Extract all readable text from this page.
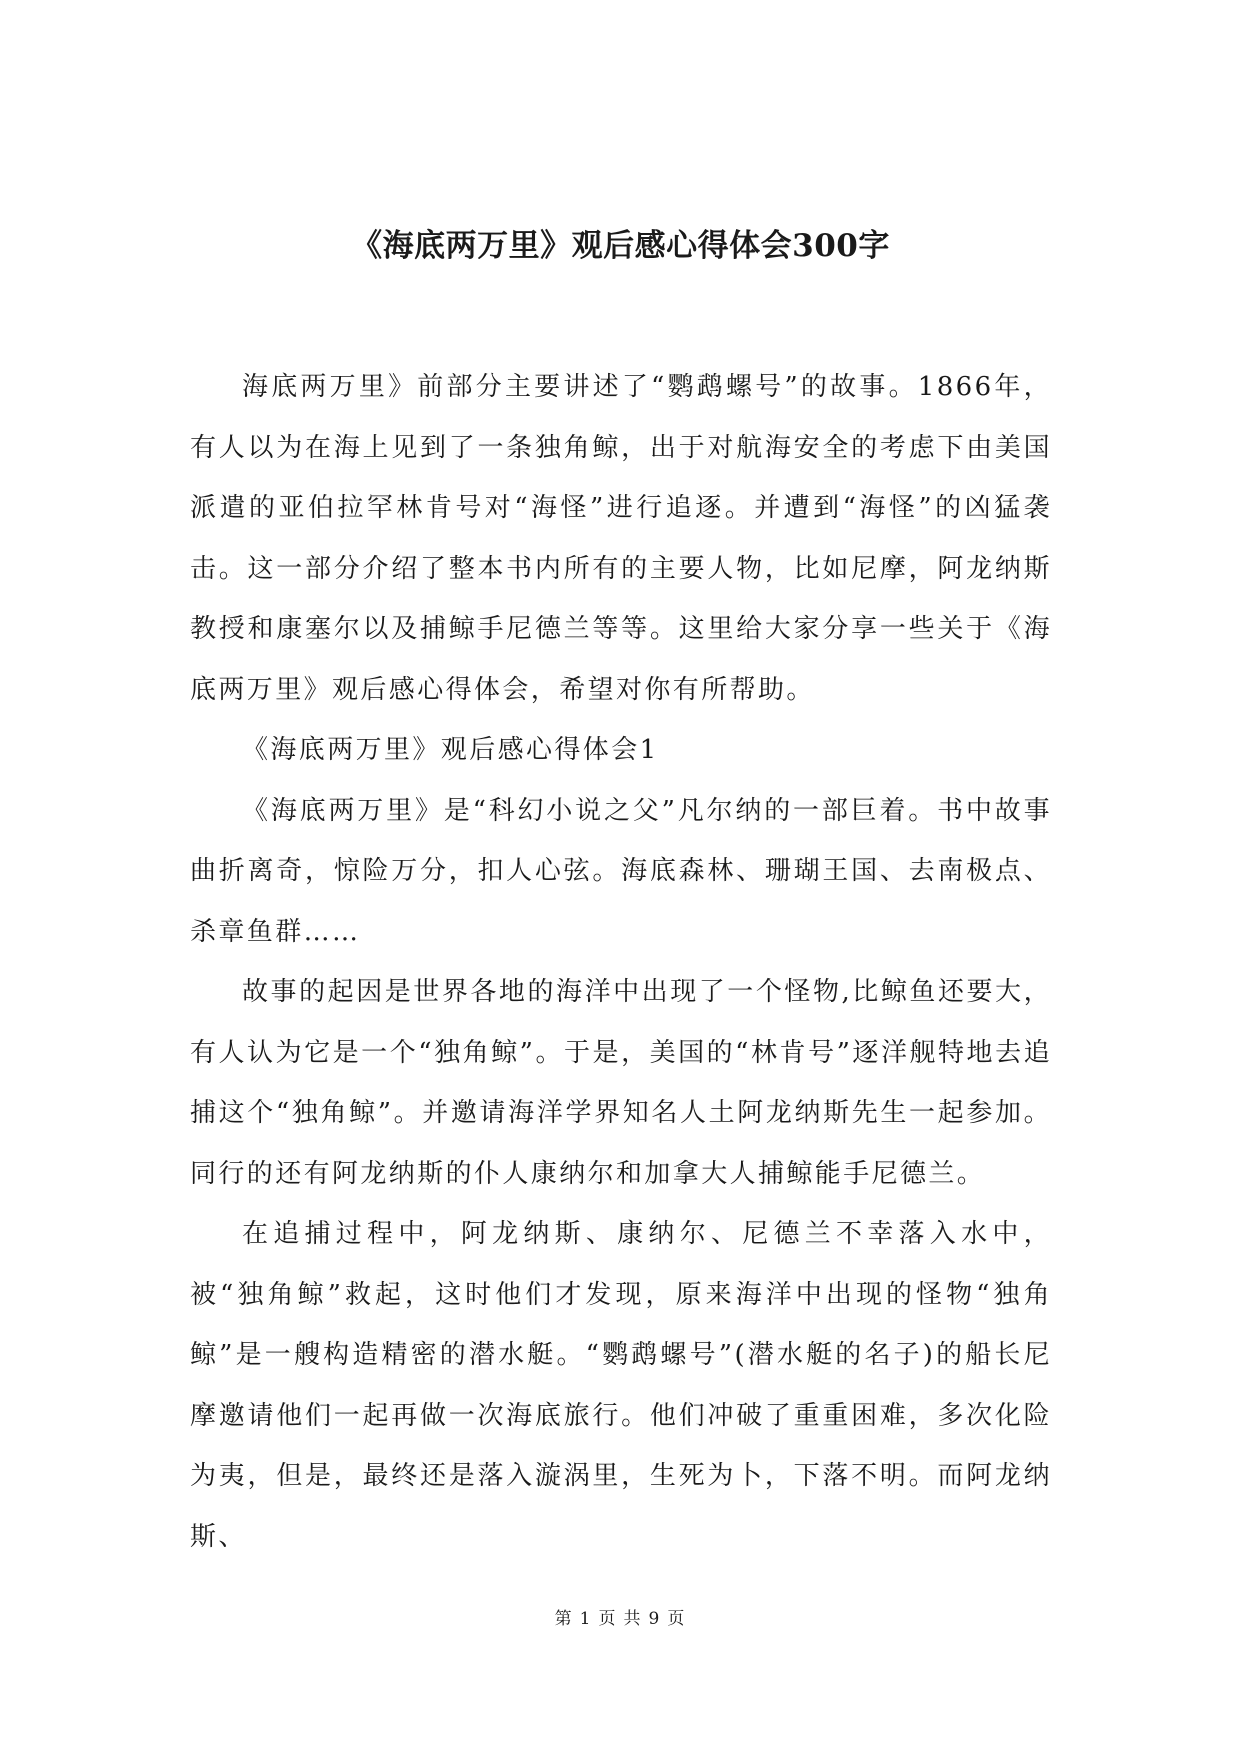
《海底两万里》观后感心得体会300字

海底两万里》前部分主要讲述了“鹦鹉螺号”的故事。1866年，有人以为在海上见到了一条独角鲸，出于对航海安全的考虑下由美国派遣的亚伯拉罕林肯号对“海怪”进行追逐。并遭到“海怪”的凶猛袭击。这一部分介绍了整本书内所有的主要人物，比如尼摩，阿龙纳斯教授和康塞尔以及捕鲸手尼德兰等等。这里给大家分享一些关于《海底两万里》观后感心得体会，希望对你有所帮助。

《海底两万里》观后感心得体会1

《海底两万里》是“科幻小说之父”凡尔纳的一部巨着。书中故事曲折离奇，惊险万分，扣人心弦。海底森林、珊瑚王国、去南极点、杀章鱼群……

故事的起因是世界各地的海洋中出现了一个怪物,比鲸鱼还要大，有人认为它是一个“独角鲸”。于是，美国的“林肯号”逐洋舰特地去追捕这个“独角鲸”。并邀请海洋学界知名人土阿龙纳斯先生一起参加。同行的还有阿龙纳斯的仆人康纳尔和加拿大人捕鲸能手尼德兰。

在追捕过程中，阿龙纳斯、康纳尔、尼德兰不幸落入水中，被“独角鲸”救起，这时他们才发现，原来海洋中出现的怪物“独角鲸”是一艘构造精密的潜水艇。“鹦鹉螺号”(潜水艇的名子)的船长尼摩邀请他们一起再做一次海底旅行。他们冲破了重重困难，多次化险为夷，但是，最终还是落入漩涡里，生死为卜，下落不明。而阿龙纳斯、

第 1 页 共 9 页
